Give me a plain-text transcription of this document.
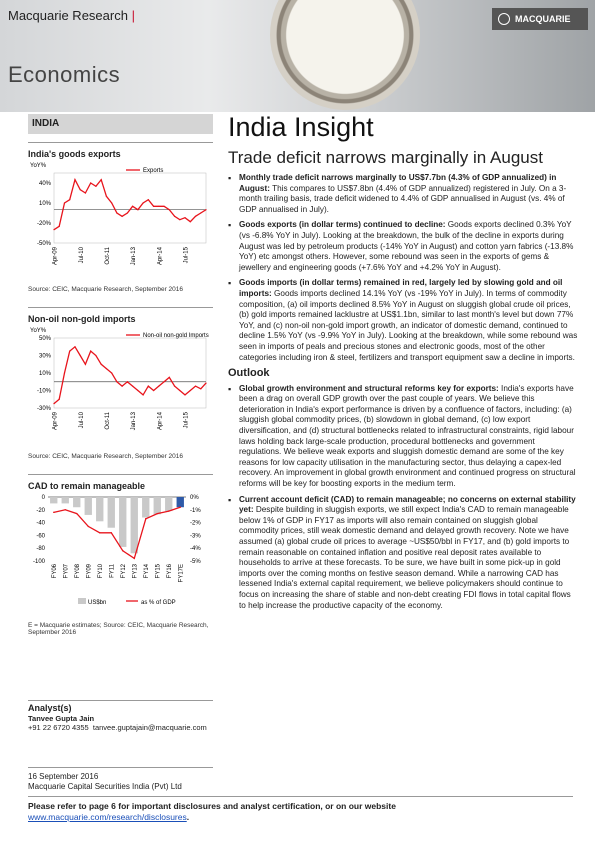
Macquarie Research |	MACQUARIE
Economics
INDIA
India's goods exports
YoY%
40%
10%
-20%
-50%
Exports
Apr-09	Jul-10	Oct-11	Jan-13	Apr-14	Jul-15
Source: CEIC, Macquarie Research, September 2016
Non-oil non-gold imports
YoY%
50%
30%
10%
-10%
-30%
Non-oil non-gold Imports
Apr-09	Jul-10	Oct-11	Jan-13	Apr-14	Jul-15
Source: CEIC, Macquarie Research, September 2016
CAD to remain manageable
0
-20
-40
-60
-80
-100
0%
-1%
-2%
-3%
-4%
-5%
FY06 FY07 FY08 FY09 FY10 FY11 FY12 FY13 FY14 FY15 FY16 FY17E
US$bn	as % of GDP
E = Macquarie estimates; Source: CEIC, Macquarie Research, September 2016
India Insight
Trade deficit narrows marginally in August
▪ Monthly trade deficit narrows marginally to US$7.7bn (4.3% of GDP annualized) in August: This compares to US$7.8bn (4.4% of GDP annualized) registered in July. On a 3-month trailing basis, trade deficit widened to 4.4% of GDP annualised in August (vs. 4% of GDP annualised in July).
▪ Goods exports (in dollar terms) continued to decline: Goods exports declined 0.3% YoY (vs -6.8% YoY in July). Looking at the breakdown, the bulk of the decline in exports during August was led by petroleum products (-14% YoY in August) and cotton yarn fabrics (-13.8% YoY) etc amongst others. However, some rebound was seen in the exports of gems & jewellery and engineering goods (+7.6% YoY and +4.2% YoY in August).
▪ Goods imports (in dollar terms) remained in red, largely led by slowing gold and oil imports: Goods imports declined 14.1% YoY (vs -19% YoY in July). In terms of commodity composition, (a) oil imports declined 8.5% YoY in August on sluggish global crude oil prices, (b) gold imports remained lacklustre at US$1.1bn, similar to last month's level but down 77% YoY, and (c) non-oil non-gold import growth, an indicator of domestic demand, continued to decline 1.5% YoY (vs -9.9% YoY in July). Looking at the breakdown, while some rebound was seen in imports of peals and precious stones and electronic goods, most of the other categories including iron & steel, fertilizers and transport equipment saw a decline in imports.
Outlook
▪ Global growth environment and structural reforms key for exports: India's exports have been a drag on overall GDP growth over the past couple of years. We believe this deterioration in India's export performance is driven by a confluence of factors, including: (a) sluggish global commodity prices, (b) slowdown in global demand, (c) low export diversification, and (d) structural bottlenecks related to infrastructural constraints, rigid labour laws holding back large-scale production, procedural bottlenecks and government regulations. We believe weak exports and sluggish domestic demand are some of the key reasons for low capacity utilisation in the manufacturing sector, thus delaying a capex-led recovery. An improvement in global growth environment and continued progress on structural reforms will be key for boosting exports in the medium term.
▪ Current account deficit (CAD) to remain manageable; no concerns on external stability yet: Despite building in sluggish exports, we still expect India's CAD to remain manageable below 1% of GDP in FY17 as imports will also remain contained on sluggish global commodity prices, still weak domestic demand and delayed growth recovery. Note we have assumed (a) global crude oil prices to average ~US$50/bbl in FY17, and (b) gold imports to remain reasonable on contained inflation and positive real deposit rates available to households to arrive at these forecasts. To be sure, we have built in some pick-up in gold imports over the coming months on festive season demand. While a narrowing CAD has lessened India's external capital requirement, we believe policymakers should continue to focus on increasing the share of stable and non-debt creating FDI flows in total capital flows to help increase the productive capacity of the economy.
Analyst(s)
Tanvee Gupta Jain
+91 22 6720 4355 tanvee.guptajain@macquarie.com
16 September 2016
Macquarie Capital Securities India (Pvt) Ltd
Please refer to page 6 for important disclosures and analyst certification, or on our website
www.macquarie.com/research/disclosures.
